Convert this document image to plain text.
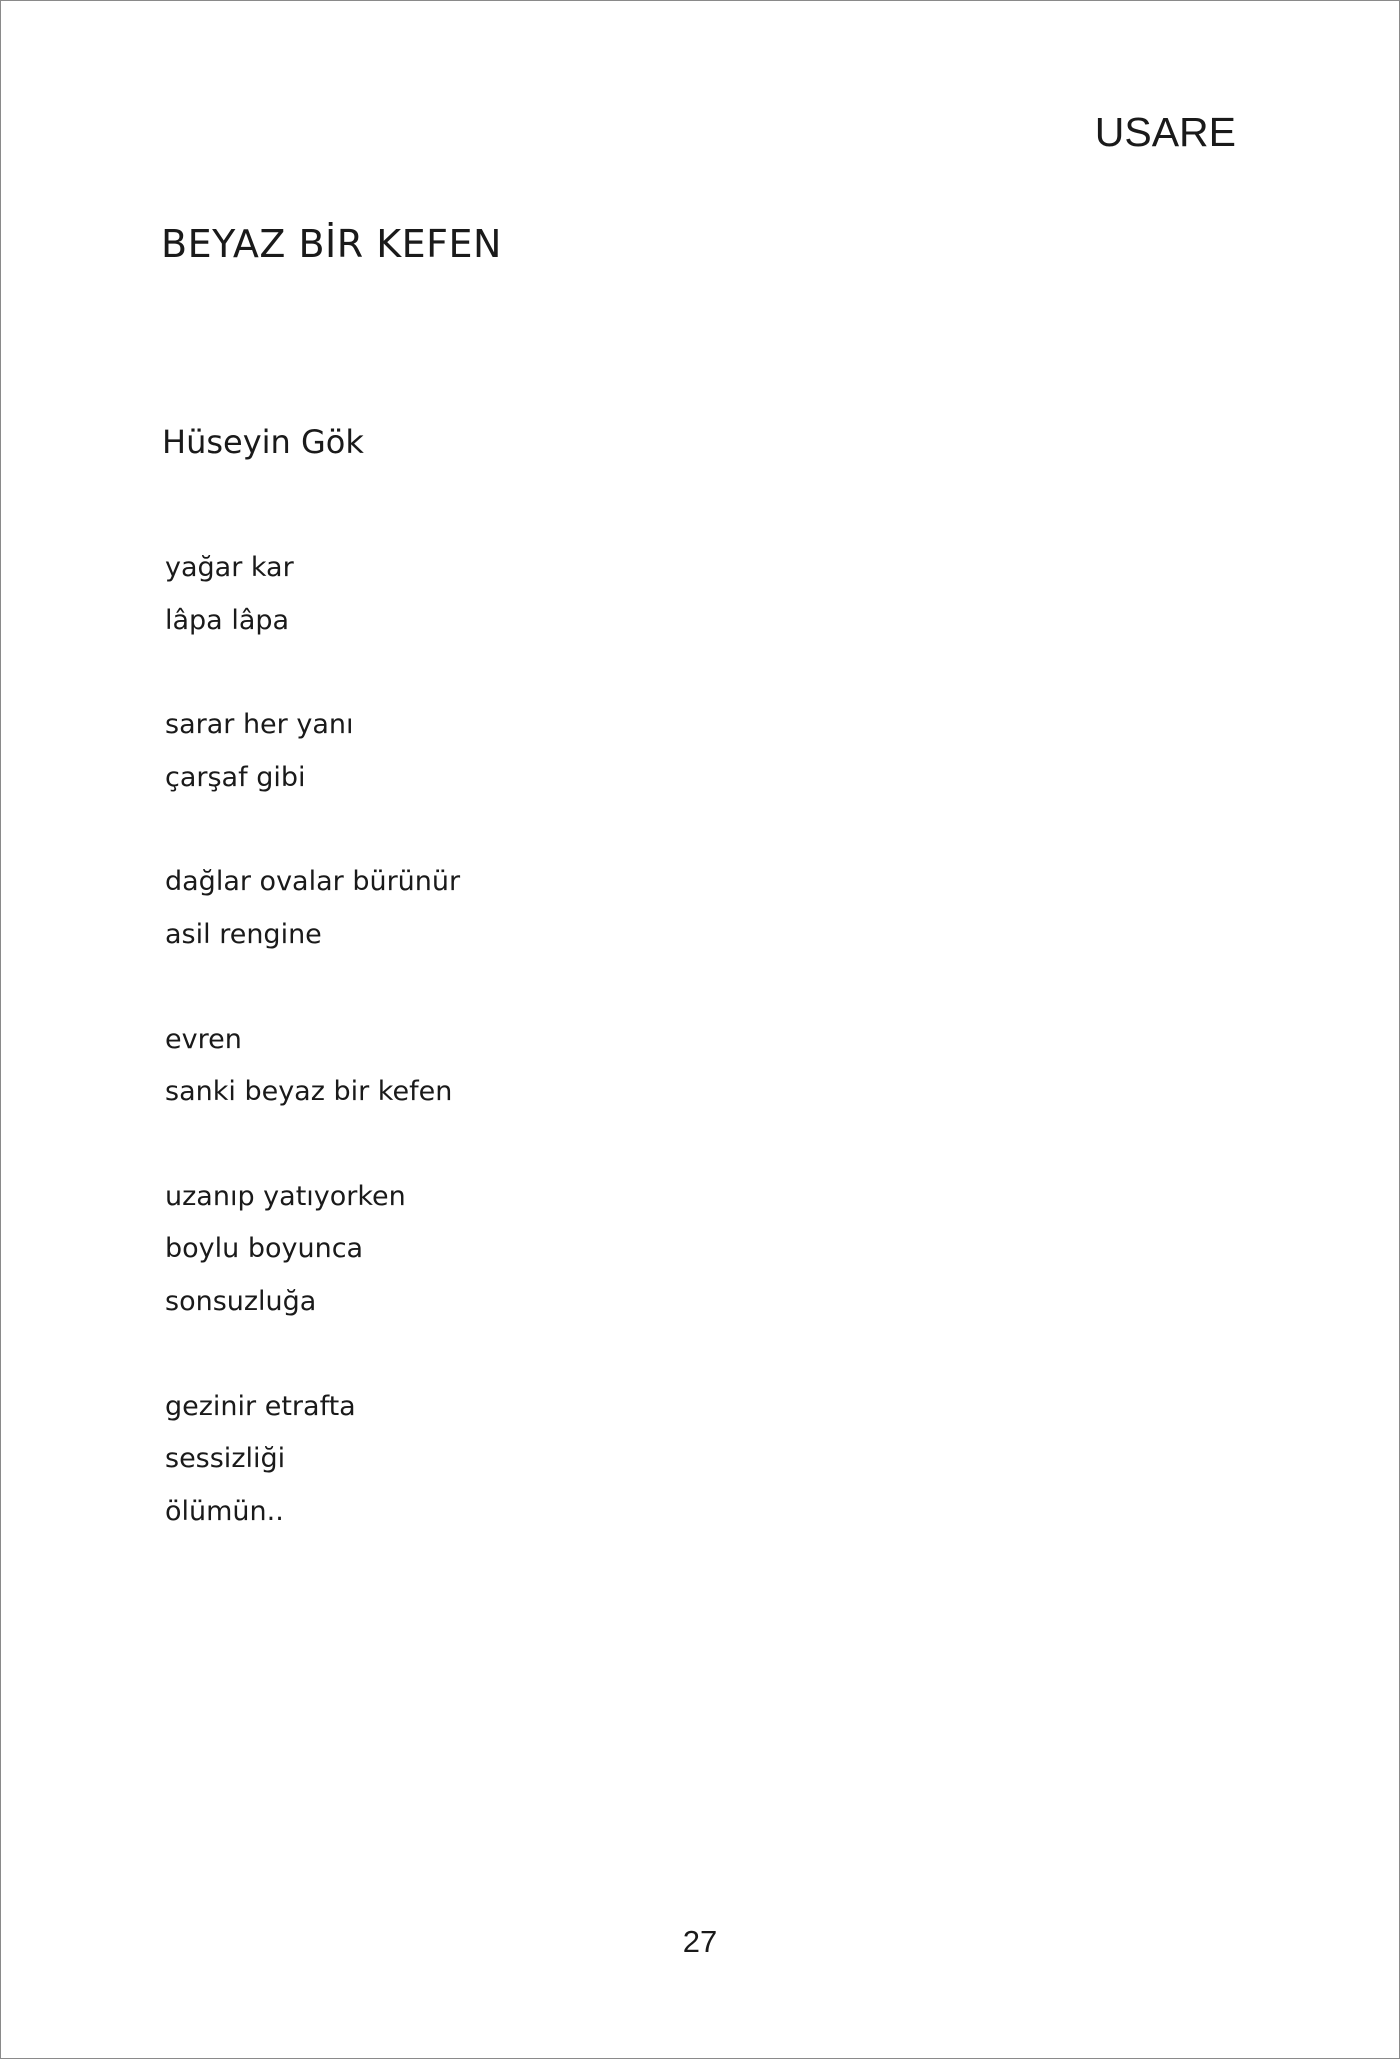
USARE
BEYAZ BİR KEFEN
Hüseyin Gök
yağar kar
lâpa lâpa
sarar her yanı
çarşaf gibi
dağlar ovalar bürünür
asil rengine
evren
sanki beyaz bir kefen
uzanıp yatıyorken
boylu boyunca
sonsuzluğa
gezinir etrafta
sessizliği
ölümün..
27
